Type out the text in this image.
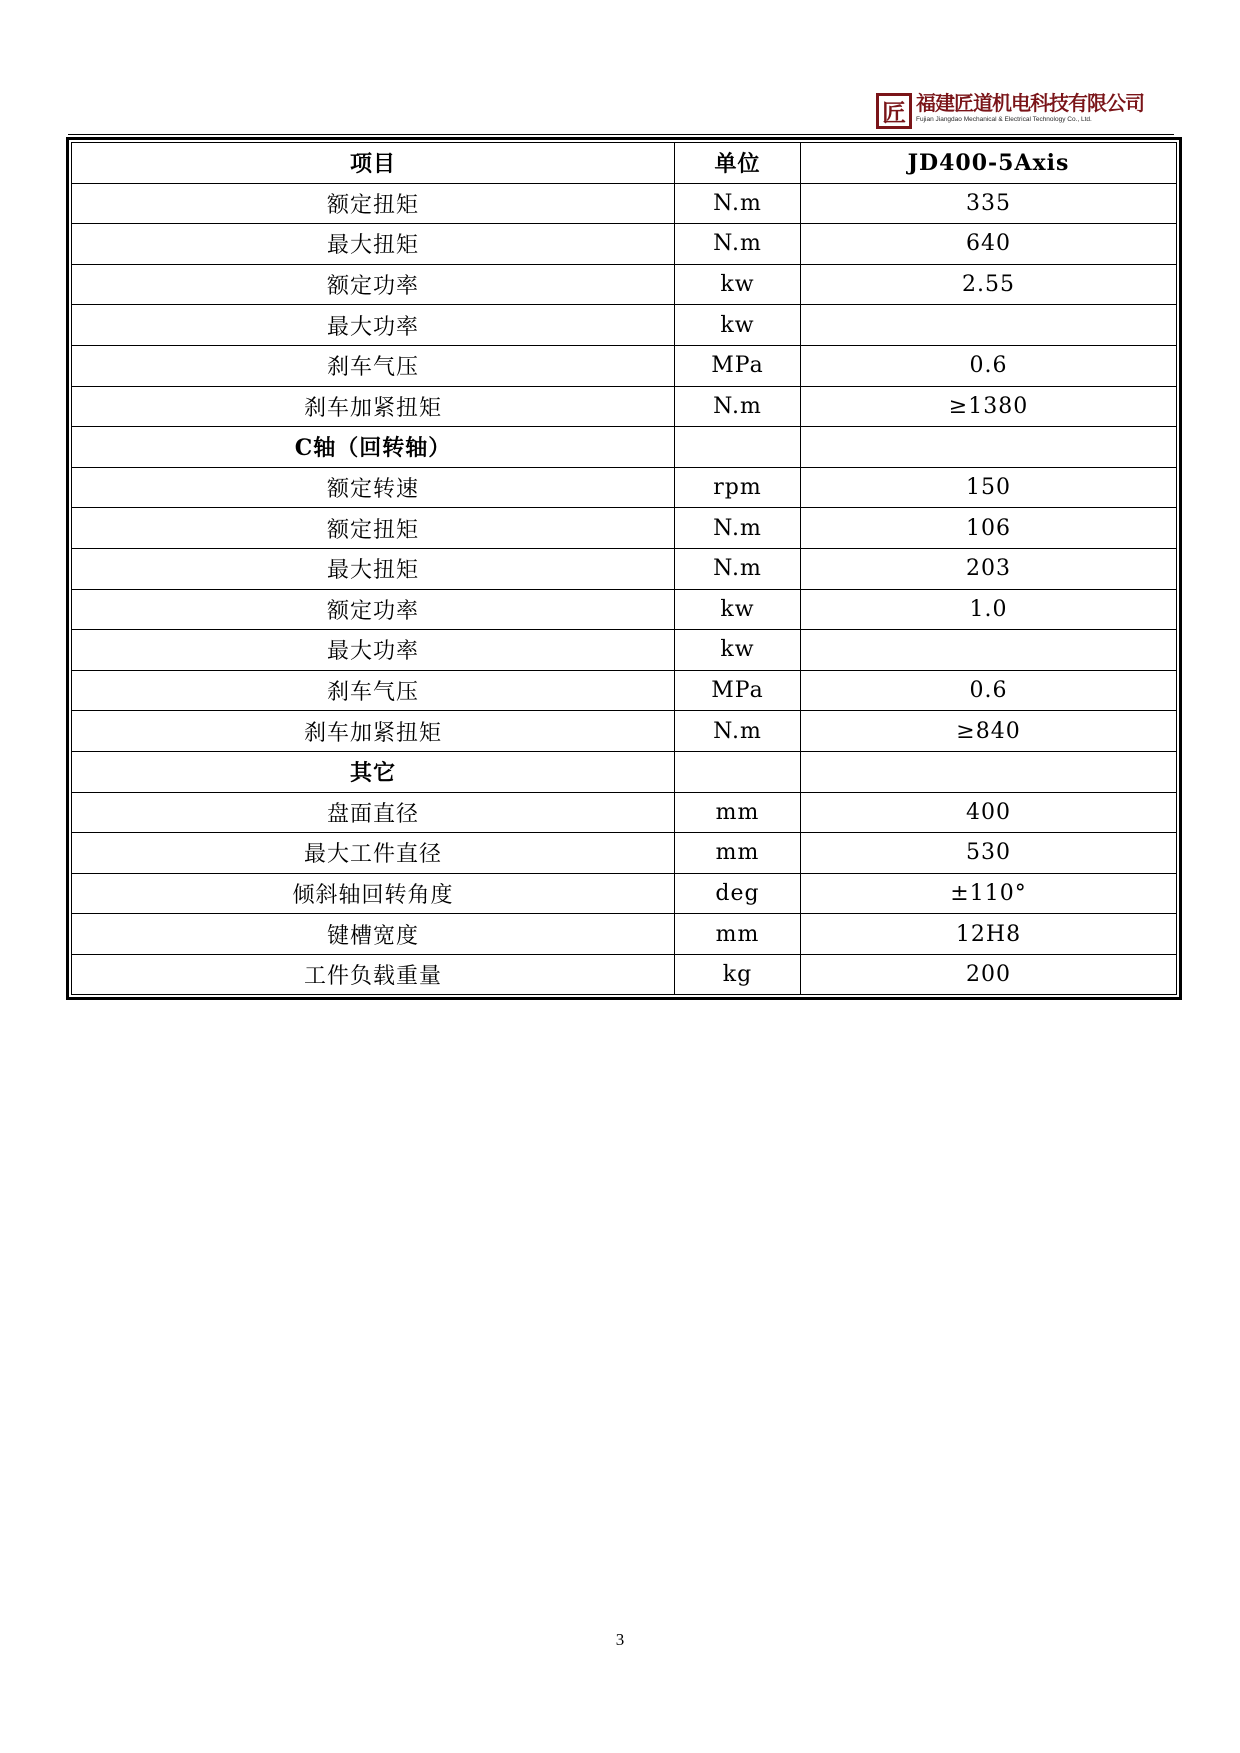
匠 福建匠道机电科技有限公司
Fujian Jiangdao Mechanical & Electrical Technology Co., Ltd.
项目	单位	JD400-5Axis
额定扭矩	N.m	335
最大扭矩	N.m	640
额定功率	kw	2.55
最大功率	kw	
刹车气压	MPa	0.6
刹车加紧扭矩	N.m	≥1380
C轴（回转轴）		
额定转速	rpm	150
额定扭矩	N.m	106
最大扭矩	N.m	203
额定功率	kw	1.0
最大功率	kw	
刹车气压	MPa	0.6
刹车加紧扭矩	N.m	≥840
其它		
盘面直径	mm	400
最大工件直径	mm	530
倾斜轴回转角度	deg	±110°
键槽宽度	mm	12H8
工件负载重量	kg	200
3
